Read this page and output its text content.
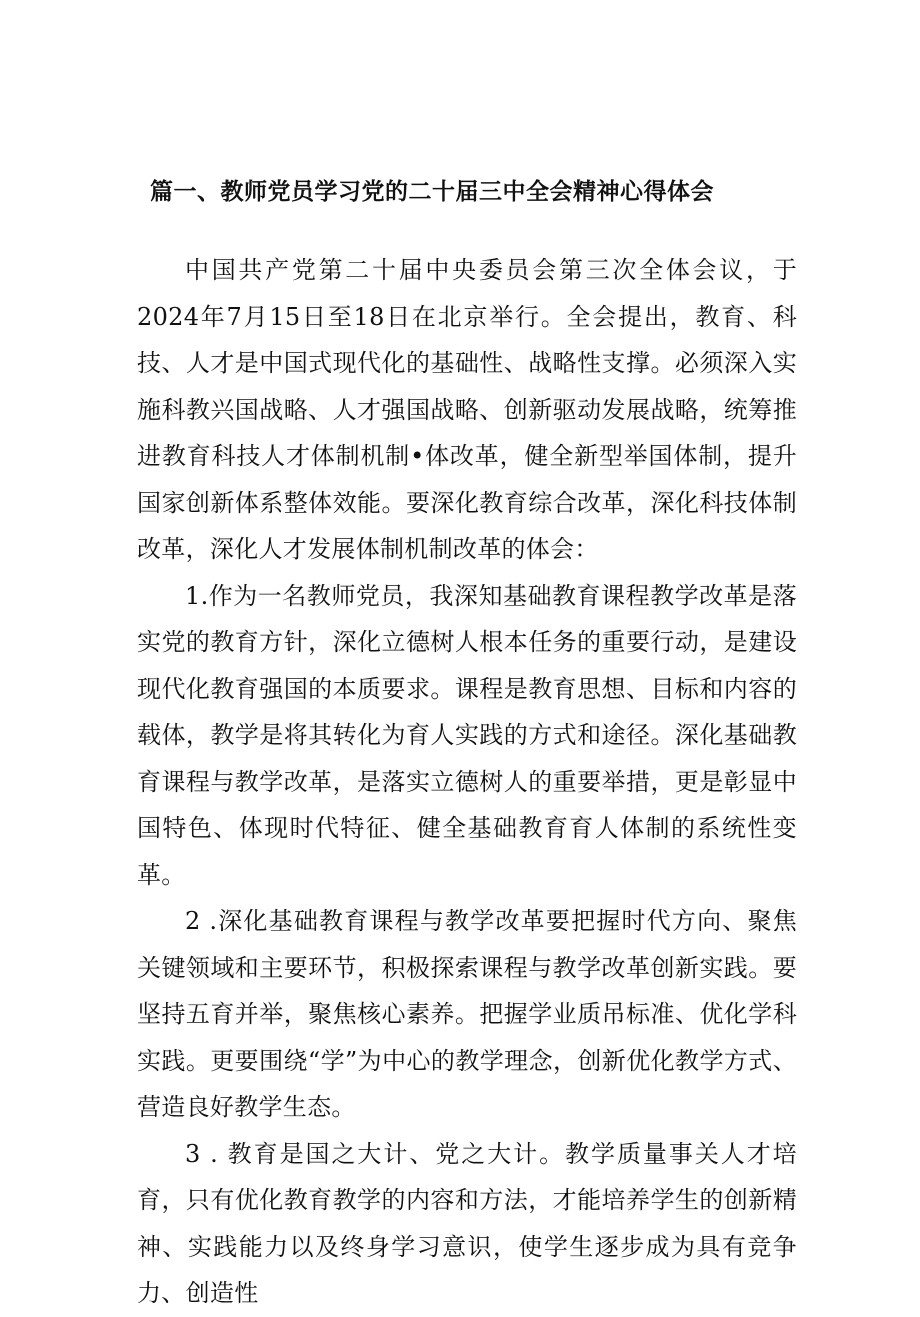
篇一、教师党员学习党的二十届三中全会精神心得体会

中国共产党第二十届中央委员会第三次全体会议，于2024年7月15日至18日在北京举行。全会提出，教育、科技、人才是中国式现代化的基础性、战略性支撑。必须深入实施科教兴国战略、人才强国战略、创新驱动发展战略，统筹推进教育科技人才体制机制•体改革，健全新型举国体制，提升国家创新体系整体效能。要深化教育综合改革，深化科技体制改革，深化人才发展体制机制改革的体会：

1.作为一名教师党员，我深知基础教育课程教学改革是落实党的教育方针，深化立德树人根本任务的重要行动，是建设现代化教育强国的本质要求。课程是教育思想、目标和内容的载体，教学是将其转化为育人实践的方式和途径。深化基础教育课程与教学改革，是落实立德树人的重要举措，更是彰显中国特色、体现时代特征、健全基础教育育人体制的系统性变革。

2 .深化基础教育课程与教学改革要把握时代方向、聚焦关键领域和主要环节，积极探索课程与教学改革创新实践。要坚持五育并举，聚焦核心素养。把握学业质吊标准、优化学科实践。更要围绕“学”为中心的教学理念，创新优化教学方式、营造良好教学生态。

3 . 教育是国之大计、党之大计。教学质量事关人才培育，只有优化教育教学的内容和方法，才能培养学生的创新精神、实践能力以及终身学习意识，使学生逐步成为具有竞争力、创造性
